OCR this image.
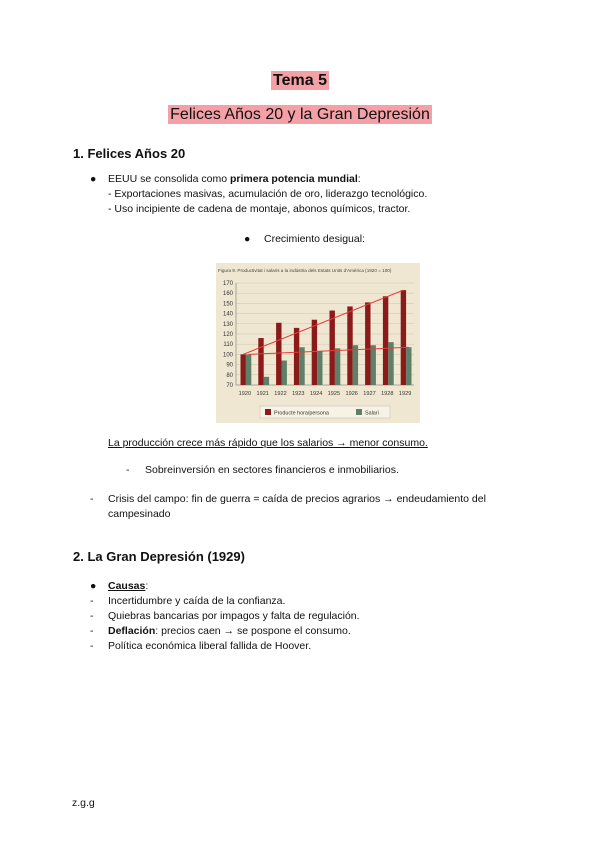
Tema 5
Felices Años 20 y la Gran Depresión
1. Felices Años 20
● EEUU se consolida como primera potencia mundial:
- Exportaciones masivas, acumulación de oro, liderazgo tecnológico.
- Uso incipiente de cadena de montaje, abonos químicos, tractor.
● Crecimiento desigual:
Figura 9. Productivitat i salaris a la indústria dels Estats Units d'Amèrica (1920 = 100)
70
80
90
100
110
120
130
140
150
160
170
1920 1921 1922 1923 1924 1925 1926 1927 1928 1929
Producte hora/persona	Salari
La producción crece más rápido que los salarios → menor consumo.
- Sobreinversión en sectores financieros e inmobiliarios.
- Crisis del campo: fin de guerra = caída de precios agrarios → endeudamiento del
campesinado
2. La Gran Depresión (1929)
● Causas:
- Incertidumbre y caída de la confianza.
- Quiebras bancarias por impagos y falta de regulación.
- Deflación: precios caen → se pospone el consumo.
- Política económica liberal fallida de Hoover.
z.g.g
